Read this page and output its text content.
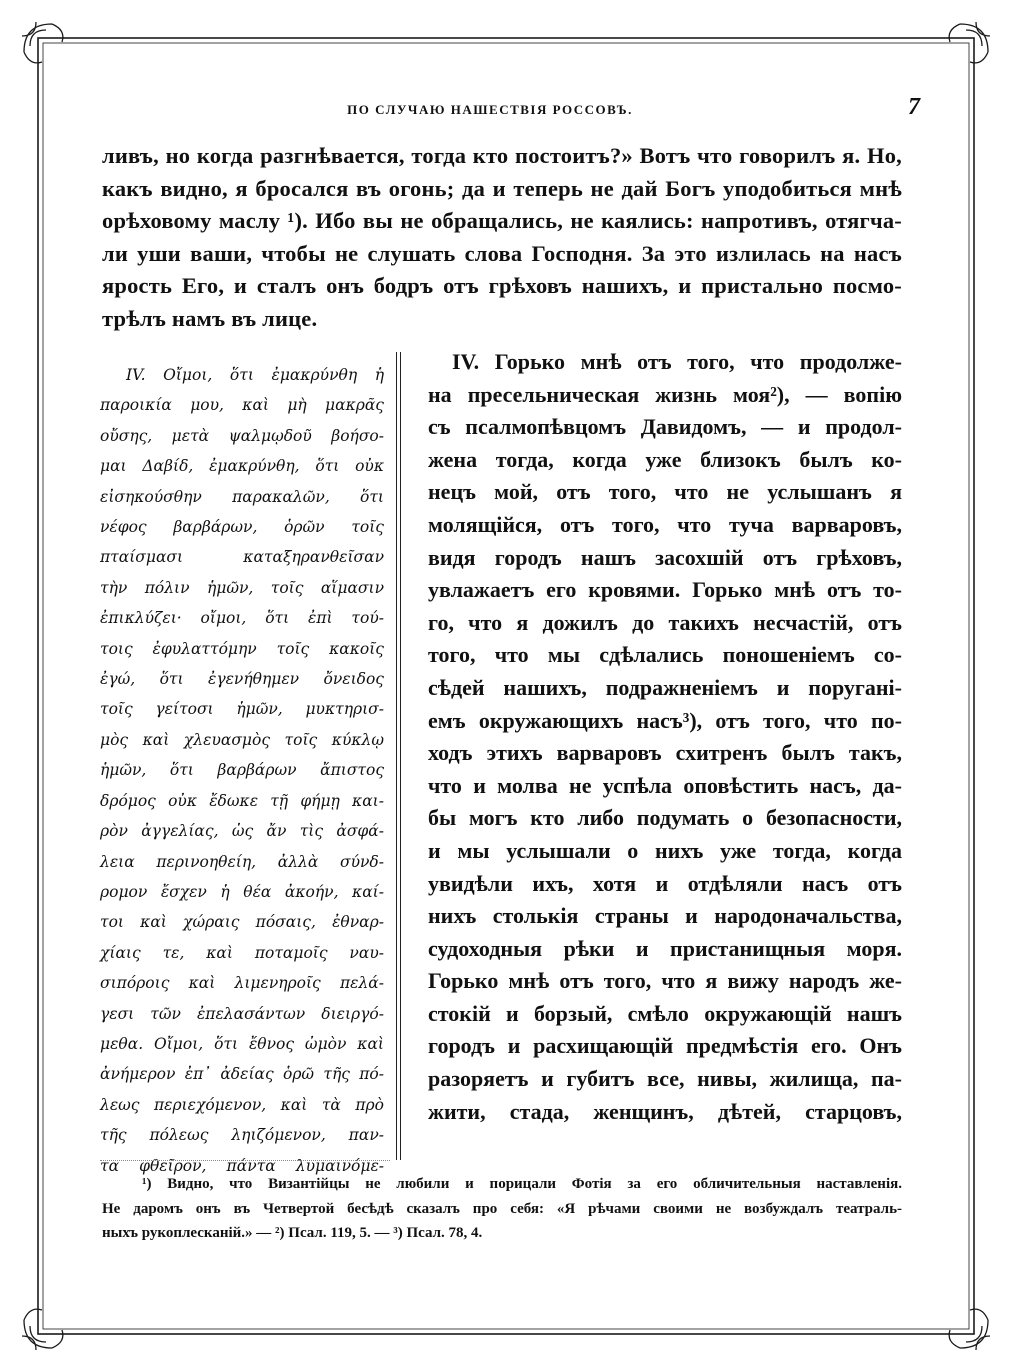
ПО СЛУЧАЮ НАШЕСТВІЯ РОССОВЪ.	7
ливъ, но когда разгнѣвается, тогда кто постоитъ?» Вотъ что говорилъ я. Но,
какъ видно, я бросался въ огонь; да и теперь не дай Богъ уподобиться мнѣ
орѣховому маслу ¹). Ибо вы не обращались, не каялись: напротивъ, отягча-
ли уши ваши, чтобы не слушать слова Господня. За это излилась на насъ
ярость Его, и сталъ онъ бодръ отъ грѣховъ нашихъ, и пристально посмо-
трѣлъ намъ въ лице.
IV. Οἴμοι, ὅτι ἐμακρύνθη ἡ
παροικία μου, καὶ μὴ μακρᾶς
οὔσης, μετὰ ψαλμῳδοῦ βοήσο-
μαι Δαβίδ, ἐμακρύνθη, ὅτι οὐκ
εἰσηκούσθην παρακαλῶν, ὅτι
νέφος βαρβάρων, ὁρῶν τοῖς
πταίσμασι καταξηρανθεῖσαν
τὴν πόλιν ἡμῶν, τοῖς αἵμασιν
ἐπικλύζει· οἴμοι, ὅτι ἐπὶ τού-
τοις ἐφυλαττόμην τοῖς κακοῖς
ἐγώ, ὅτι ἐγενήθημεν ὄνειδος
τοῖς γείτοσι ἡμῶν, μυκτηρισ-
μὸς καὶ χλευασμὸς τοῖς κύκλῳ
ἡμῶν, ὅτι βαρβάρων ἄπιστος
δρόμος οὐκ ἔδωκε τῇ φήμῃ και-
ρὸν ἀγγελίας, ὡς ἄν τὶς ἀσφά-
λεια περινοηθείη, ἀλλὰ σύνδ-
ρομον ἔσχεν ἡ θέα ἀκοήν, καί-
τοι καὶ χώραις πόσαις, ἐθναρ-
χίαις τε, καὶ ποταμοῖς ναυ-
σιπόροις καὶ λιμενηροῖς πελά-
γεσι τῶν ἐπελασάντων διειργό-
μεθα. Οἴμοι, ὅτι ἔθνος ὠμὸν καὶ
ἀνήμερον ἐπ᾽ ἀδείας ὁρῶ τῆς πό-
λεως περιεχόμενον, καὶ τὰ πρὸ
τῆς πόλεως ληιζόμενον, παν-
τα φθεῖρον, πάντα λυμαινόμε-
IV. Горько мнѣ отъ того, что продолже-
на пресельническая жизнь моя²), — вопію
съ псалмопѣвцомъ Давидомъ, — и продол-
жена тогда, когда уже близокъ былъ ко-
нецъ мой, отъ того, что не услышанъ я
молящійся, отъ того, что туча варваровъ,
видя городъ нашъ засохшій отъ грѣховъ,
увлажаетъ его кровями. Горько мнѣ отъ то-
го, что я дожилъ до такихъ несчастій, отъ
того, что мы сдѣлались поношеніемъ со-
сѣдей нашихъ, подражненіемъ и поруганi-
емъ окружающихъ насъ³), отъ того, что по-
ходъ этихъ варваровъ схитренъ былъ такъ,
что и молва не успѣла оповѣстить насъ, да-
бы могъ кто либо подумать о безопасности,
и мы услышали о нихъ уже тогда, когда
увидѣли ихъ, хотя и отдѣляли насъ отъ
нихъ столькія страны и народоначальства,
судоходныя рѣки и пристанищныя моря.
Горько мнѣ отъ того, что я вижу народъ же-
стокій и борзый, смѣло окружающій нашъ
городъ и расхищающій предмѣстія его. Онъ
разоряетъ и губитъ все, нивы, жилища, па-
жити, стада, женщинъ, дѣтей, старцовъ,
¹) Видно, что Византійцы не любили и порицали Фотія за его обличительныя наставленія.
Не даромъ онъ въ Четвертой бесѣдѣ сказалъ про себя: «Я рѣчами своими не возбуждалъ театраль-
ныхъ рукоплесканій.» — ²) Псал. 119, 5. — ³) Псал. 78, 4.
